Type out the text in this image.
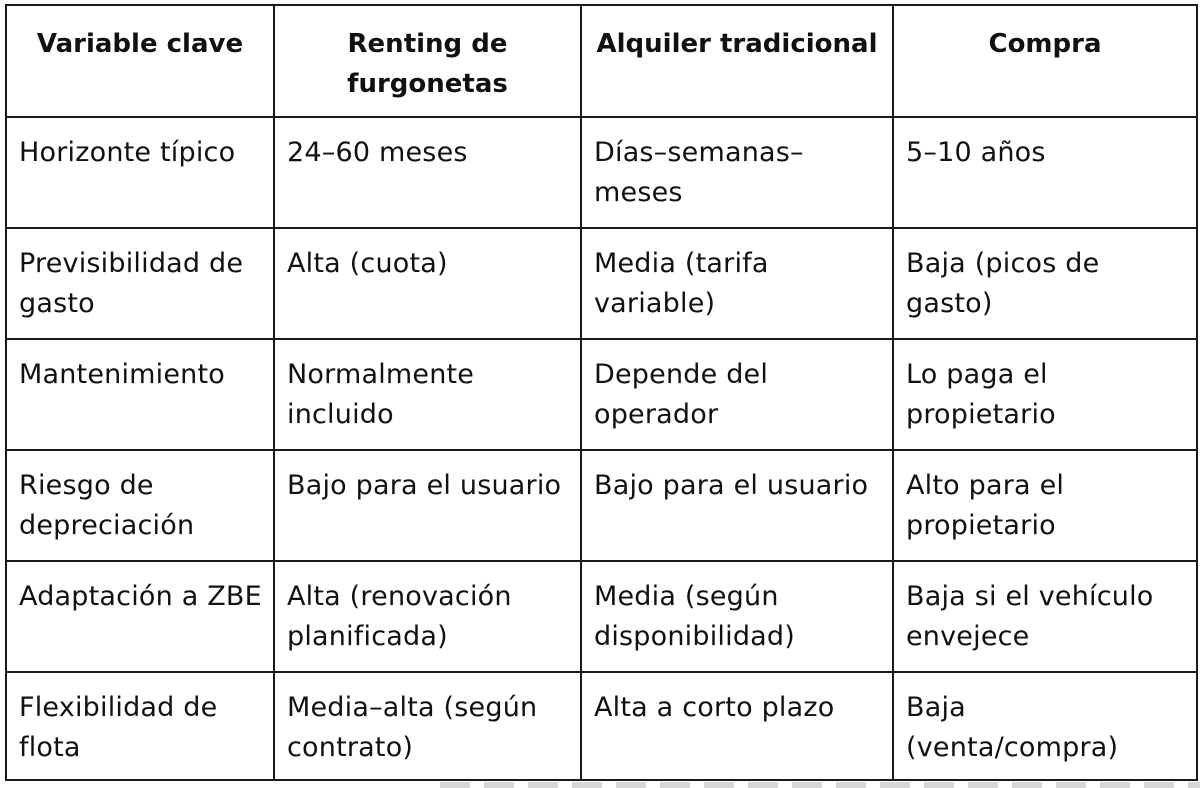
Variable clave	Renting de furgonetas	Alquiler tradicional	Compra
Horizonte típico	24–60 meses	Días–semanas–meses	5–10 años
Previsibilidad de gasto	Alta (cuota)	Media (tarifa variable)	Baja (picos de gasto)
Mantenimiento	Normalmente incluido	Depende del operador	Lo paga el propietario
Riesgo de depreciación	Bajo para el usuario	Bajo para el usuario	Alto para el propietario
Adaptación a ZBE	Alta (renovación planificada)	Media (según disponibilidad)	Baja si el vehículo envejece
Flexibilidad de flota	Media–alta (según contrato)	Alta a corto plazo	Baja (venta/compra)
